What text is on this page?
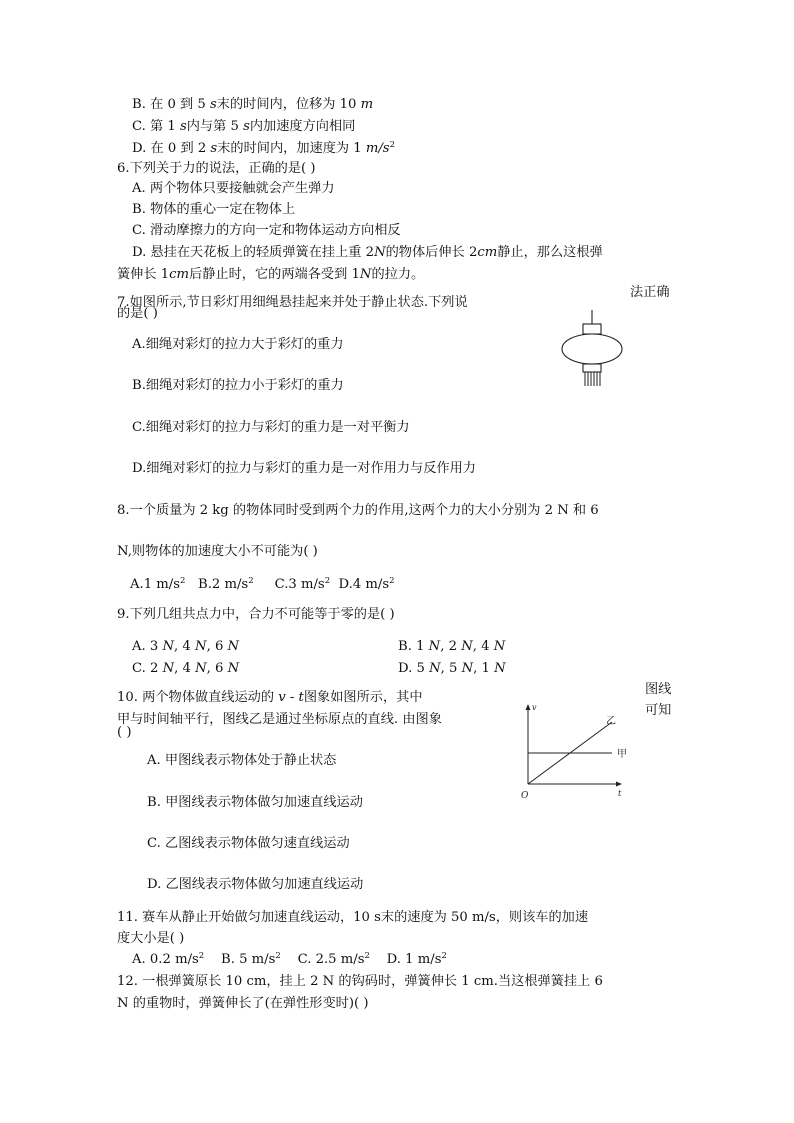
B. 在 0 到 5 s末的时间内，位移为 10 m
C. 第 1 s内与第 5 s内加速度方向相同
D. 在 0 到 2 s末的时间内，加速度为 1 $m/s^2$
6.下列关于力的说法，正确的是( )
A. 两个物体只要接触就会产生弹力
B. 物体的重心一定在物体上
C. 滑动摩擦力的方向一定和物体运动方向相反
D. 悬挂在天花板上的轻质弹簧在挂上重 2N的物体后伸长 2cm静止，那么这根弹
簧伸长 1cm后静止时，它的两端各受到 1N的拉力。
7.如图所示,节日彩灯用细绳悬挂起来并处于静止状态.下列说
法正确
的是( )
A.细绳对彩灯的拉力大于彩灯的重力
B.细绳对彩灯的拉力小于彩灯的重力
C.细绳对彩灯的拉力与彩灯的重力是一对平衡力
D.细绳对彩灯的拉力与彩灯的重力是一对作用力与反作用力
8.一个质量为 2 kg 的物体同时受到两个力的作用,这两个力的大小分别为 2 N 和 6
N,则物体的加速度大小不可能为( )
A.1 $m/s^2$ B.2 $m/s^2$ C.3 $m/s^2$ D.4 $m/s^2$
9.下列几组共点力中，合力不可能等于零的是( )
A. 3 N, 4 N, 6 N	B. 1 N, 2 N, 4 N
C. 2 N, 4 N, 6 N	D. 5 N, 5 N, 1 N
10. 两个物体做直线运动的 v - t图象如图所示，其中
图线
可知
甲与时间轴平行，图线乙是通过坐标原点的直线. 由图象
( )
v
t
O
甲
乙
A. 甲图线表示物体处于静止状态
B. 甲图线表示物体做匀加速直线运动
C. 乙图线表示物体做匀速直线运动
D. 乙图线表示物体做匀加速直线运动
11. 赛车从静止开始做匀加速直线运动，10 s末的速度为 50 m/s，则该车的加速
度大小是( )
A. 0.2 $m/s^2$ B. 5 $m/s^2$ C. 2.5 $m/s^2$ D. 1 $m/s^2$
12. 一根弹簧原长 10 cm，挂上 2 N 的钩码时，弹簧伸长 1 cm.当这根弹簧挂上 6
N 的重物时，弹簧伸长了(在弹性形变时)( )
